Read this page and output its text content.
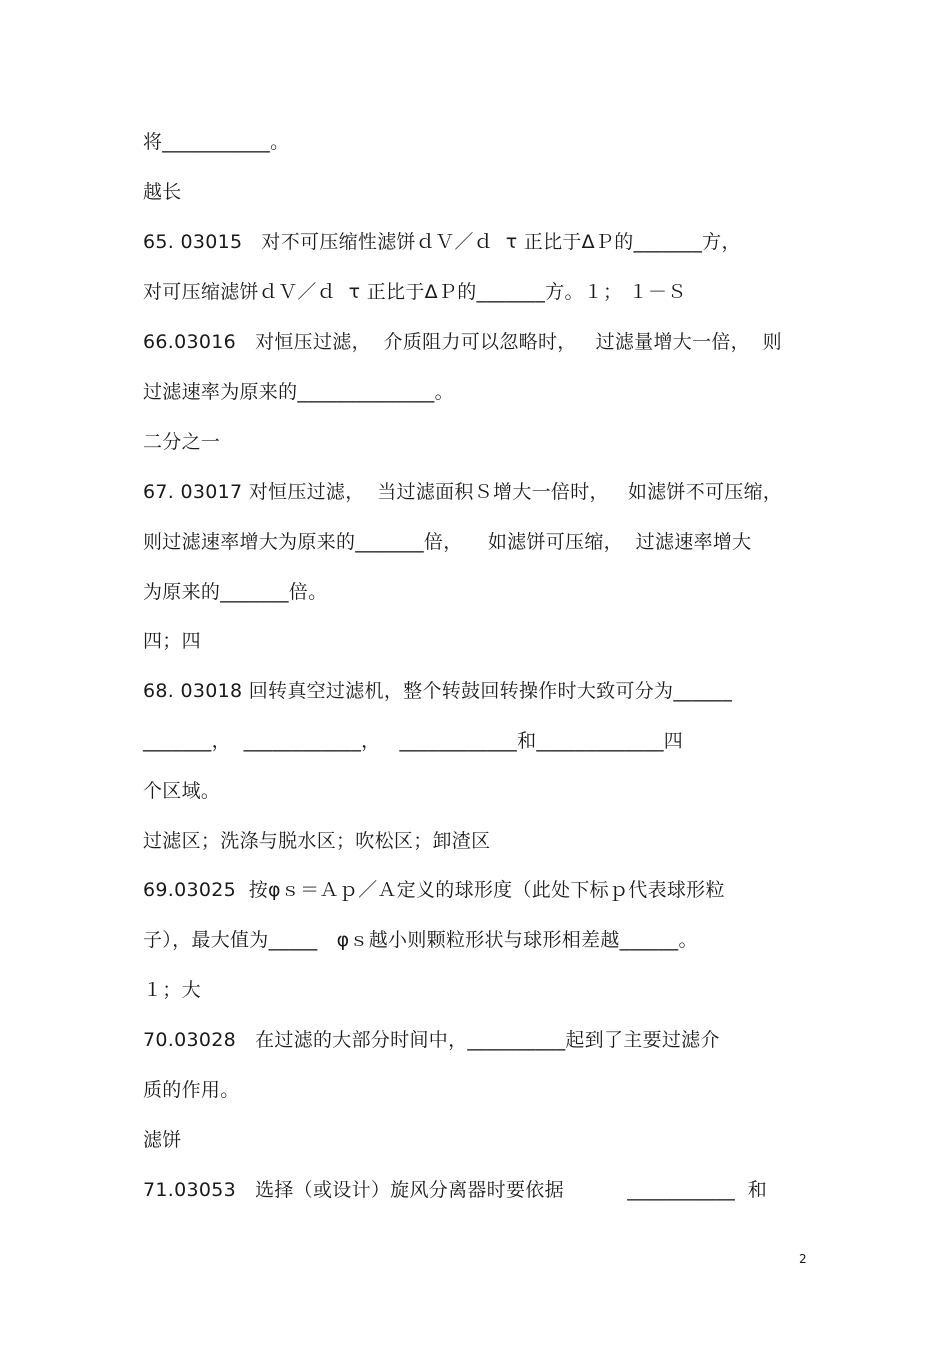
将___________。
越长
65. 03015   对不可压缩性滤饼ｄＶ／ｄ  τ 正比于ΔＰ的_______方，
对可压缩滤饼ｄＶ／ｄ  τ 正比于ΔＰ的_______方。１； １－Ｓ
66.03016   对恒压过滤，  介质阻力可以忽略时，   过滤量增大一倍，  则
过滤速率为原来的______________。
二分之一
67. 03017 对恒压过滤，  当过滤面积Ｓ增大一倍时，   如滤饼不可压缩，
则过滤速率增大为原来的_______倍，    如滤饼可压缩，  过滤速率增大
为原来的_______倍。
四；四
68. 03018 回转真空过滤机，整个转鼓回转操作时大致可分为______
_______，  ____________，   ____________和_____________四
个区域。
过滤区；洗涤与脱水区；吹松区；卸渣区
69.03025  按φｓ＝Ａｐ／Ａ定义的球形度（此处下标ｐ代表球形粒
子），最大值为_____   φｓ越小则颗粒形状与球形相差越______。
１；大
70.03028   在过滤的大部分时间中，__________起到了主要过滤介
质的作用。
滤饼
71.03053   选择（或设计）旋风分离器时要依据          ___________  和
2
